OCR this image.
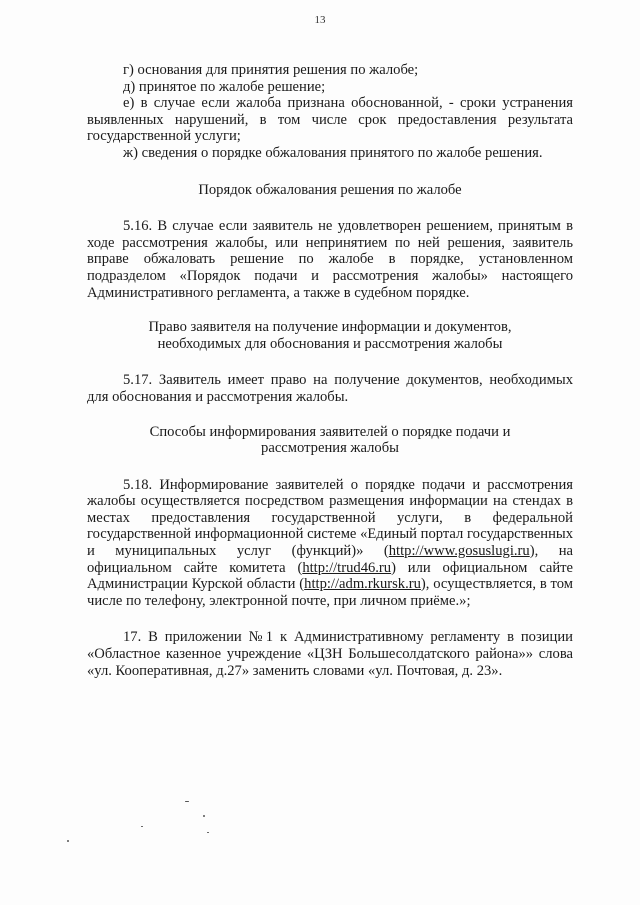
13

г) основания для принятия решения по жалобе;

д) принятое по жалобе решение;

е) в случае если жалоба признана обоснованной, - сроки устранения выявленных нарушений, в том числе срок предоставления результата государственной услуги;

ж) сведения о порядке обжалования принятого по жалобе решения.

Порядок обжалования решения по жалобе

5.16. В случае если заявитель не удовлетворен решением, принятым в ходе рассмотрения жалобы, или непринятием по ней решения, заявитель вправе обжаловать решение по жалобе в порядке, установленном подразделом «Порядок подачи и рассмотрения жалобы» настоящего Административного регламента, а также в судебном порядке.

Право заявителя на получение информации и документов,
необходимых для обоснования и рассмотрения жалобы

5.17. Заявитель имеет право на получение документов, необходимых для обоснования и рассмотрения жалобы.

Способы информирования заявителей о порядке подачи и
рассмотрения жалобы

5.18. Информирование заявителей о порядке подачи и рассмотрения жалобы осуществляется посредством размещения информации на стендах в местах предоставления государственной услуги, в федеральной государственной информационной системе «Единый портал государственных и муниципальных услуг (функций)» (http://www.gosuslugi.ru), на официальном сайте комитета (http://trud46.ru) или официальном сайте Администрации Курской области (http://adm.rkursk.ru), осуществляется, в том числе по телефону, электронной почте, при личном приёме.»;

17. В приложении №1 к Административному регламенту в позиции «Областное казенное учреждение «ЦЗН Большесолдатского района»» слова «ул. Кооперативная, д.27» заменить словами «ул. Почтовая, д. 23».
